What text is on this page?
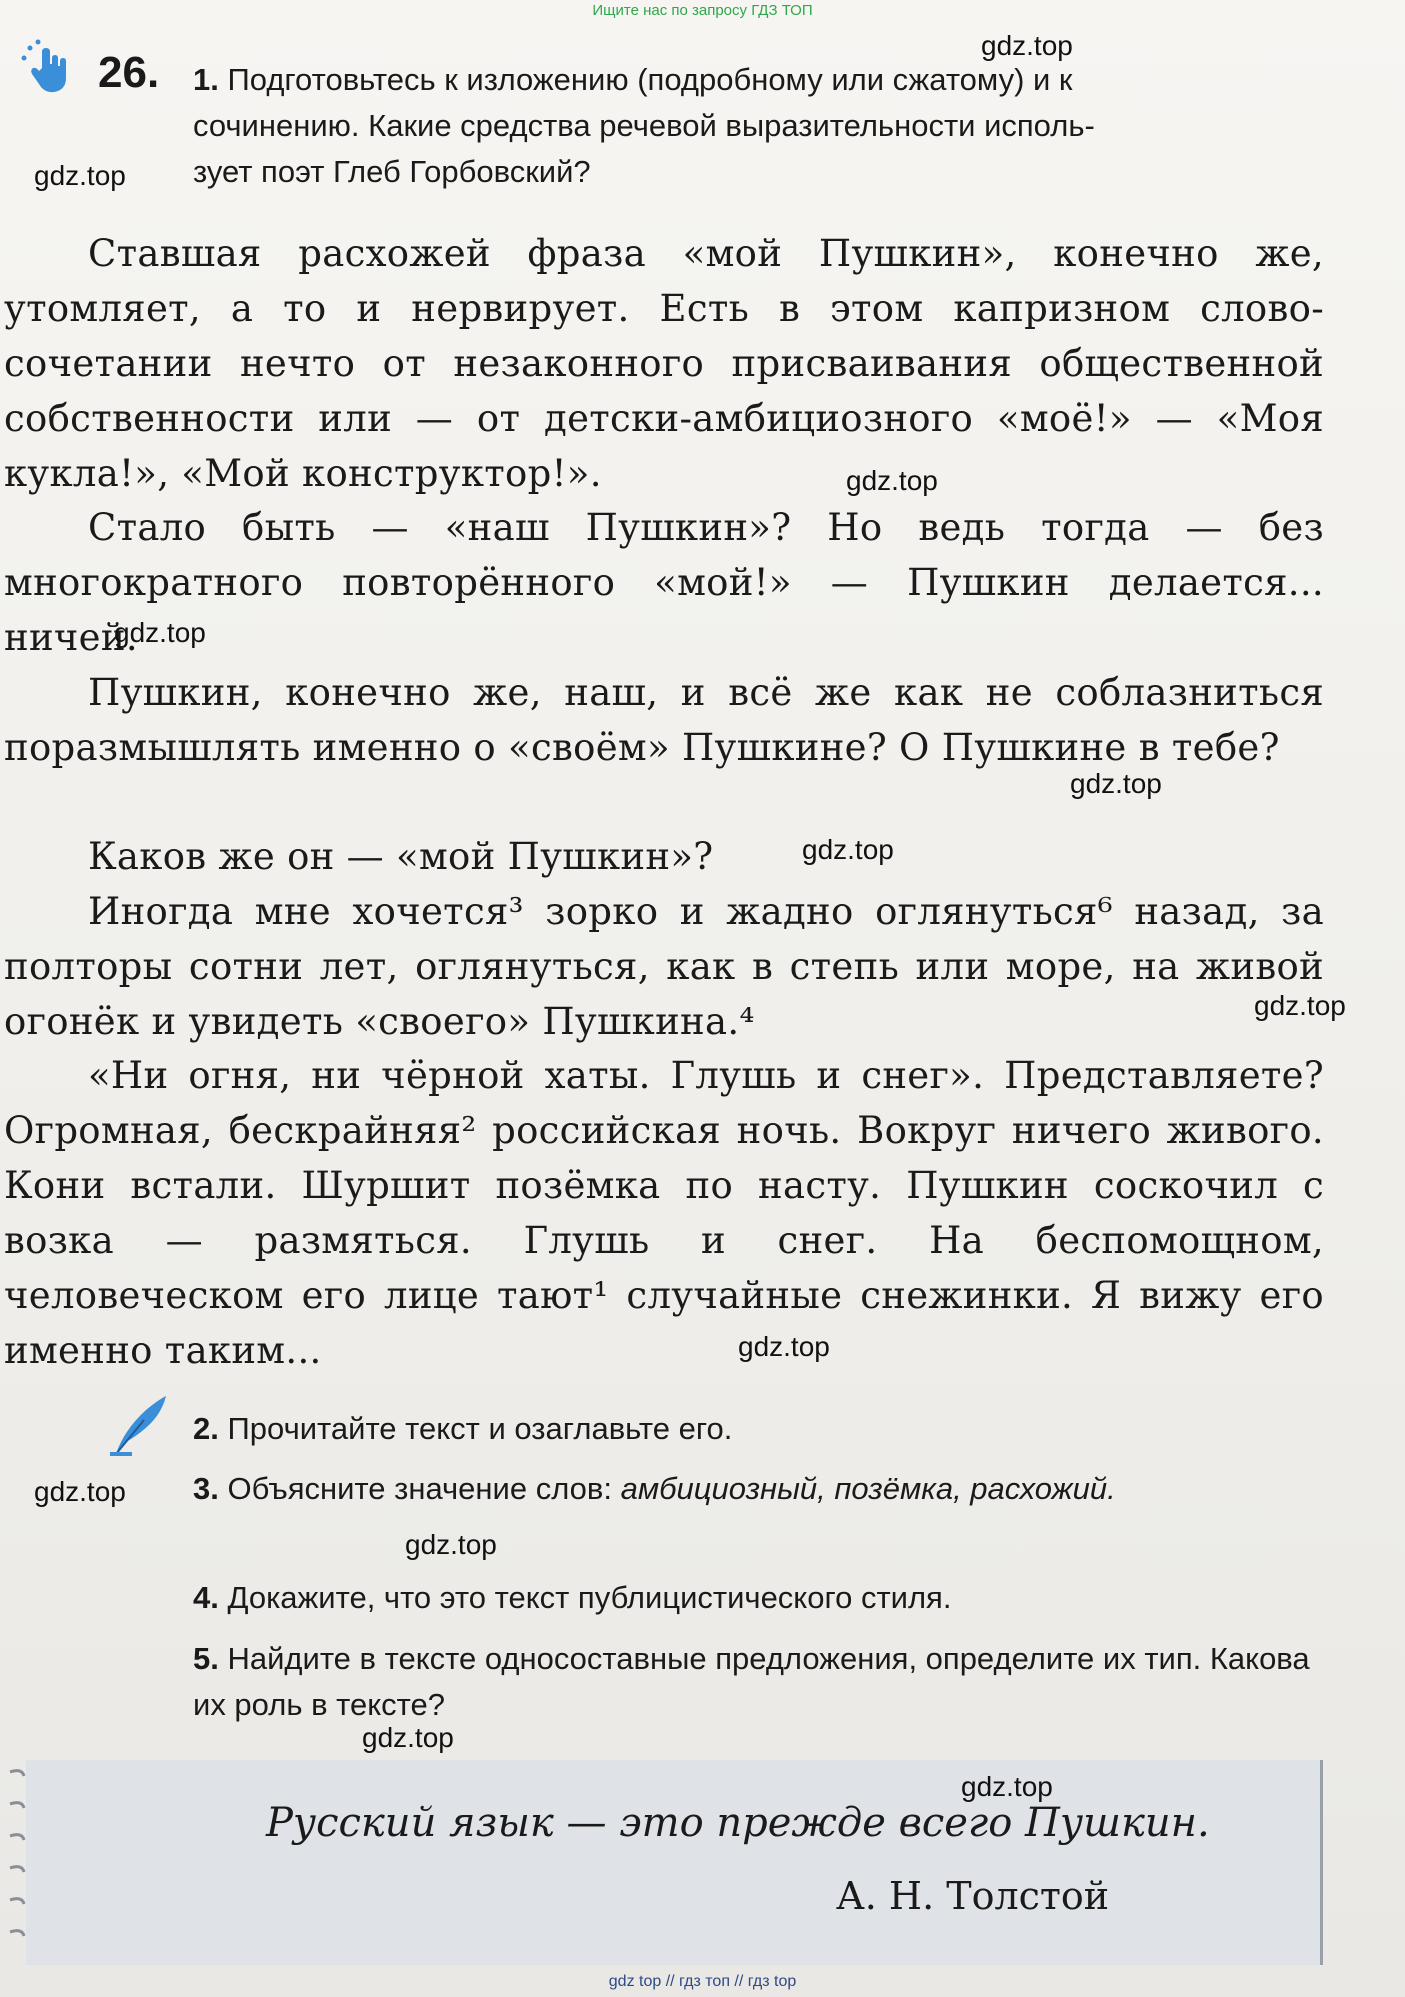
Ищите нас по запросу ГДЗ ТОП
26. 1. Подготовьтесь к изложению (подробному или сжатому) и к
сочинению. Какие средства речевой выразительности исполь-
зует поэт Глеб Горбовский?
Ставшая расхожей фраза «мой Пушкин», конечно же, утомляет, а то и нервирует. Есть в этом капризном слово-сочетании нечто от незаконного присваивания общественной собственности или — от детски-амбициозного «моё!» — «Моя кукла!», «Мой конструктор!».
Стало быть — «наш Пушкин»? Но ведь тогда — без многократного повторённого «мой!» — Пушкин делается... ничей.
Пушкин, конечно же, наш, и всё же как не соблазниться поразмышлять именно о «своём» Пушкине? О Пушкине в тебе?
Каков же он — «мой Пушкин»?
Иногда мне хочется³ зорко и жадно оглянуться⁶ назад, за полторы сотни лет, оглянуться, как в степь или море, на живой огонёк и увидеть «своего» Пушкина.⁴
«Ни огня, ни чёрной хаты. Глушь и снег». Представляете? Огромная, бескрайняя² российская ночь. Вокруг ничего живого. Кони встали. Шуршит позёмка по насту. Пушкин соскочил с возка — размяться. Глушь и снег. На беспомощном, человеческом его лице тают¹ случайные снежинки. Я вижу его именно таким...
2. Прочитайте текст и озаглавьте его.
3. Объясните значение слов: амбициозный, позёмка, расхожий.
4. Докажите, что это текст публицистического стиля.
5. Найдите в тексте односоставные предложения, определите их тип. Какова их роль в тексте?
Русский язык — это прежде всего Пушкин.
А. Н. Толстой
gdz.top
gdz.top
gdz.top
gdz.top
gdz.top
gdz.top
gdz.top
gdz.top
gdz.top
gdz.top
gdz.top
gdz.top
gdz top // гдз топ // гдз top
